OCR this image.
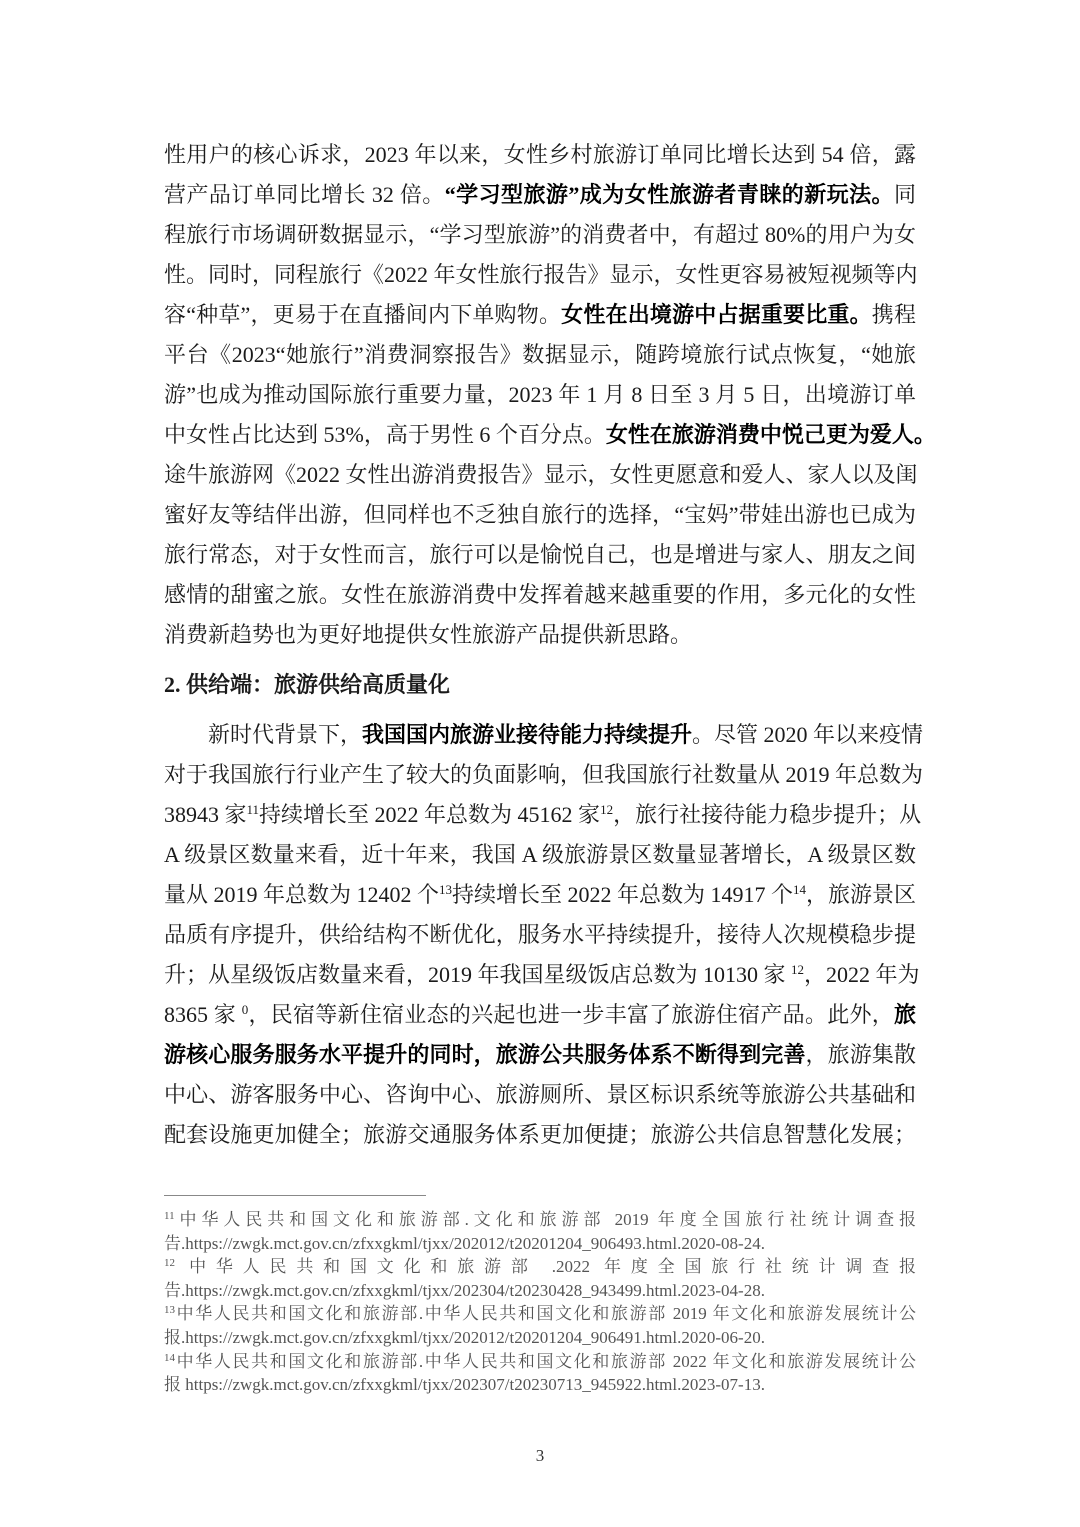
性用户的核心诉求，2023 年以来，女性乡村旅游订单同比增长达到 54 倍，露
营产品订单同比增长 32 倍。“学习型旅游”成为女性旅游者青睐的新玩法。同
程旅行市场调研数据显示，“学习型旅游”的消费者中，有超过 80%的用户为女
性。同时，同程旅行《2022 年女性旅行报告》显示，女性更容易被短视频等内
容“种草”，更易于在直播间内下单购物。女性在出境游中占据重要比重。携程
平台《2023“她旅行”消费洞察报告》数据显示，随跨境旅行试点恢复，“她旅
游”也成为推动国际旅行重要力量，2023 年 1 月 8 日至 3 月 5 日，出境游订单
中女性占比达到 53%，高于男性 6 个百分点。女性在旅游消费中悦己更为爱人。
途牛旅游网《2022 女性出游消费报告》显示，女性更愿意和爱人、家人以及闺
蜜好友等结伴出游，但同样也不乏独自旅行的选择，“宝妈”带娃出游也已成为
旅行常态，对于女性而言，旅行可以是愉悦自己，也是增进与家人、朋友之间
感情的甜蜜之旅。女性在旅游消费中发挥着越来越重要的作用，多元化的女性
消费新趋势也为更好地提供女性旅游产品提供新思路。
2. 供给端：旅游供给高质量化
新时代背景下，我国国内旅游业接待能力持续提升。尽管 2020 年以来疫情
对于我国旅行行业产生了较大的负面影响，但我国旅行社数量从 2019 年总数为
38943 家$^{11}$持续增长至 2022 年总数为 45162 家$^{12}$，旅行社接待能力稳步提升；从
A 级景区数量来看，近十年来，我国 A 级旅游景区数量显著增长，A 级景区数
量从 2019 年总数为 12402 个$^{13}$持续增长至 2022 年总数为 14917 个$^{14}$，旅游景区
品质有序提升，供给结构不断优化，服务水平持续提升，接待人次规模稳步提
升；从星级饭店数量来看，2019 年我国星级饭店总数为 10130 家 $^{12}$，2022 年为
8365 家 $^0$，民宿等新住宿业态的兴起也进一步丰富了旅游住宿产品。此外，旅
游核心服务服务水平提升的同时，旅游公共服务体系不断得到完善，旅游集散
中心、游客服务中心、咨询中心、旅游厕所、景区标识系统等旅游公共基础和
配套设施更加健全；旅游交通服务体系更加便捷；旅游公共信息智慧化发展；
$^{11}$中华人民共和国文化和旅游部.文化和旅游部 2019 年度全国旅行社统计调查报
告.https://zwgk.mct.gov.cn/zfxxgkml/tjxx/202012/t20201204_906493.html.2020-08-24.
$^{12}$ 中华人民共和国文化和旅游部 .2022 年度全国旅行社统计调查报
告.https://zwgk.mct.gov.cn/zfxxgkml/tjxx/202304/t20230428_943499.html.2023-04-28.
$^{13}$中华人民共和国文化和旅游部.中华人民共和国文化和旅游部 2019 年文化和旅游发展统计公
报.https://zwgk.mct.gov.cn/zfxxgkml/tjxx/202012/t20201204_906491.html.2020-06-20.
$^{14}$中华人民共和国文化和旅游部.中华人民共和国文化和旅游部 2022 年文化和旅游发展统计公
报 https://zwgk.mct.gov.cn/zfxxgkml/tjxx/202307/t20230713_945922.html.2023-07-13.
3
